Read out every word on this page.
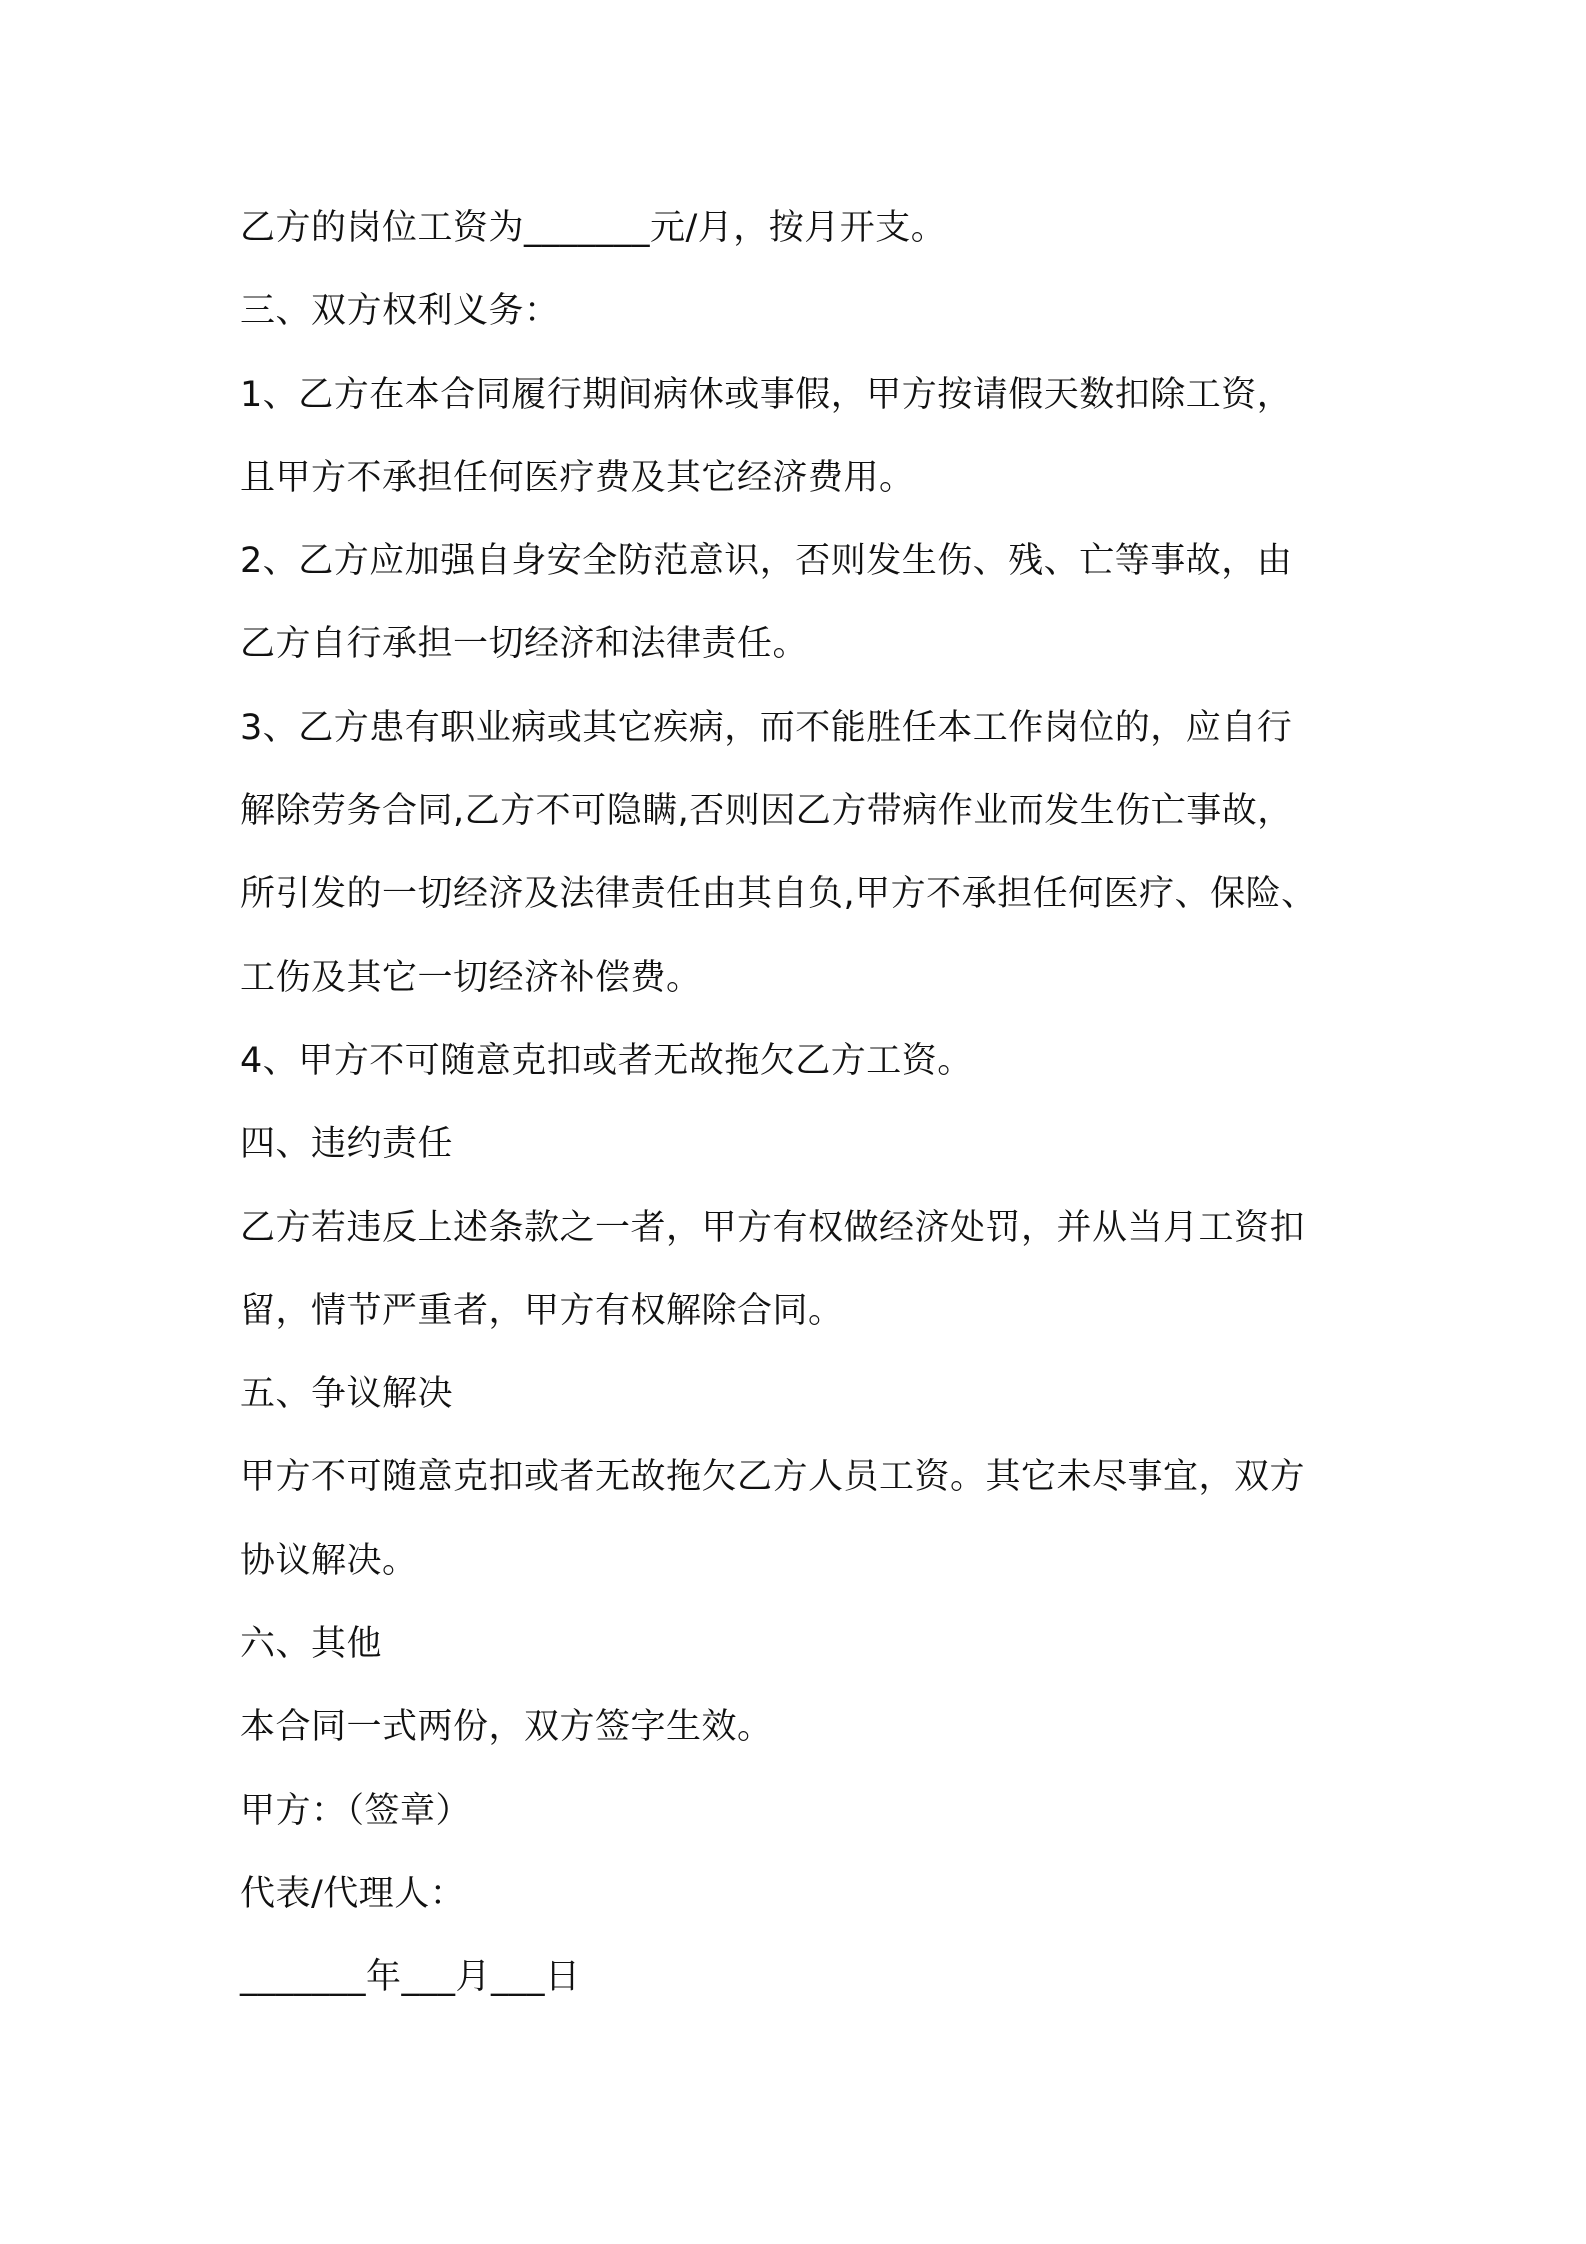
乙方的岗位工资为_______元/月，按月开支。
三、双方权利义务：
1、乙方在本合同履行期间病休或事假，甲方按请假天数扣除工资，
且甲方不承担任何医疗费及其它经济费用。
2、乙方应加强自身安全防范意识，否则发生伤、残、亡等事故，由
乙方自行承担一切经济和法律责任。
3、乙方患有职业病或其它疾病，而不能胜任本工作岗位的，应自行
解除劳务合同,乙方不可隐瞒,否则因乙方带病作业而发生伤亡事故，
所引发的一切经济及法律责任由其自负,甲方不承担任何医疗、保险、
工伤及其它一切经济补偿费。
4、甲方不可随意克扣或者无故拖欠乙方工资。
四、违约责任
乙方若违反上述条款之一者，甲方有权做经济处罚，并从当月工资扣
留，情节严重者，甲方有权解除合同。
五、争议解决
甲方不可随意克扣或者无故拖欠乙方人员工资。其它未尽事宜，双方
协议解决。
六、其他
本合同一式两份，双方签字生效。
甲方：（签章）
代表/代理人：
_______年___月___日
